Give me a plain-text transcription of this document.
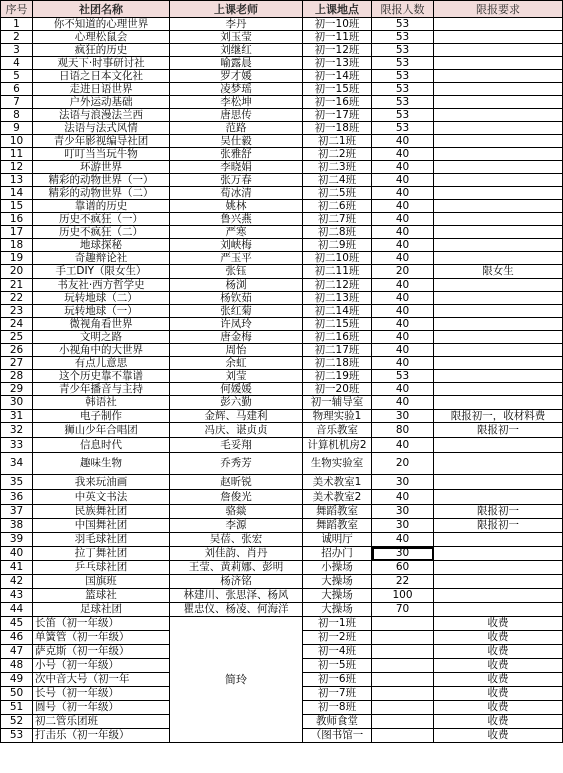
序号	社团名称	上课老师	上课地点	限报人数	限报要求
1	你不知道的心理世界	李丹	初一10班	53	
2	心理松鼠会	刘玉莹	初一11班	53	
3	疯狂的历史	刘继红	初一12班	53	
4	观天下·时事研讨社	喻露晨	初一13班	53	
5	日语之日本文化社	罗才媛	初一14班	53	
6	走进日语世界	凌梦瑶	初一15班	53	
7	户外运动基础	李松坤	初一16班	53	
8	法语与浪漫法兰西	唐思传	初一17班	53	
9	法语与法式风情	范路	初一18班	53	
10	青少年影视编导社团	吴仕毅	初二1班	40	
11	叮叮当当玩牛物	张雅舒	初二2班	40	
12	环游世界	李晓娟	初二3班	40	
13	精彩的动物世界（一）	张万春	初二4班	40	
14	精彩的动物世界（二）	荀冰清	初二5班	40	
15	靠谱的历史	姚林	初二6班	40	
16	历史不疯狂（一）	鲁兴燕	初二7班	40	
17	历史不疯狂（二）	严寒	初二8班	40	
18	地球探秘	刘峡梅	初二9班	40	
19	奇趣辩论社	严玉平	初二10班	40	
20	手工DIY（限女生）	张钰	初二11班	20	限女生
21	书友社·西方哲学史	杨浏	初二12班	40	
22	玩转地球（二）	杨钦茹	初二13班	40	
23	玩转地球（一）	张红菊	初二14班	40	
24	微视角看世界	许凤玲	初二15班	40	
25	文明之路	唐金梅	初二16班	40	
26	小视角中的大世界	周怡	初二17班	40	
27	有点儿意思	余虹	初二18班	40	
28	这个历史靠不靠谱	刘莹	初二19班	53	
29	青少年播音与主持	何媛媛	初一20班	40	
30	韩语社	彭六勤	初一辅导室	40	
31	电子制作	金辉、马建利	物理实验1	30	限报初一，收材料费
32	狮山少年合唱团	冯庆、谌贞贞	音乐教室	80	限报初一
33	信息时代	毛妥翔	计算机机房2	40	
34	趣味生物	乔秀芳	生物实验室	20	
35	我来玩油画	赵昕锐	美术教室1	30	
36	中英文书法	詹俊光	美术教室2	40	
37	民族舞社团	骆燚	舞蹈教室	30	限报初一
38	中国舞社团	李源	舞蹈教室	30	限报初一
39	羽毛球社团	吴蓓、张宏	诚明厅	40	
40	拉丁舞社团	刘佳韵、肖丹	招办门	30	
41	乒乓球社团	王莹、黄莉娜、彭明	小操场	60	
42	国旗班	杨济铭	大操场	22	
43	篮球社	林建川、张思泽、杨风	大操场	100	
44	足球社团	瞿忠仪、杨凌、何海洋	大操场	70	
45	长笛（初一年级）	简玲	初一1班		收费
46	单簧管（初一年级）		初一2班		收费
47	萨克斯（初一年级）		初一4班		收费
48	小号（初一年级）		初一5班		收费
49	次中音大号（初一年		初一6班		收费
50	长号（初一年级）		初一7班		收费
51	圆号（初一年级）		初一8班		收费
52	初二管乐团班		教师食堂		收费
53	打击乐（初一年级）		（图书馆一		收费
